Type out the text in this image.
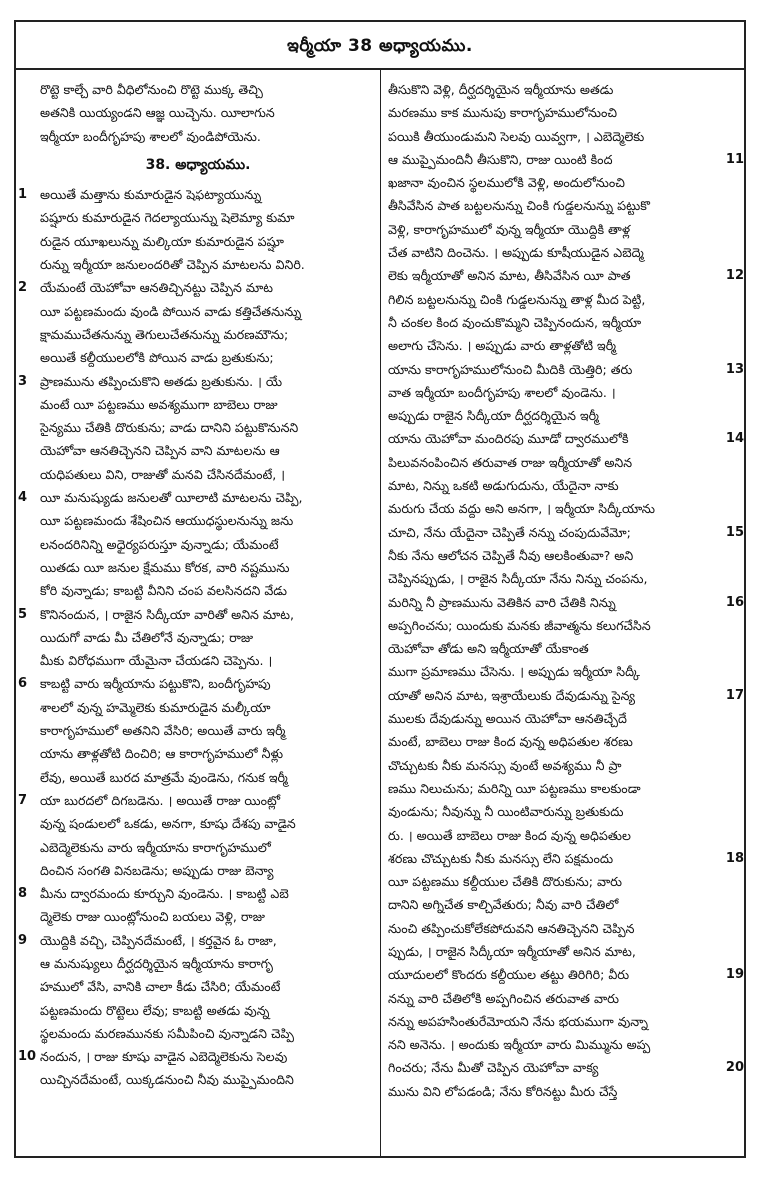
ఇర్మీయా 38 అధ్యాయము.
రొట్టె కాల్చే వారి వీధిలోనుంచి రొట్టె ముక్క తెచ్చి
అతనికి యియ్యండని ఆజ్ఞ యిచ్చెను. యీలాగున
ఇర్మీయా బందీగృహపు శాలలో వుండిపోయెను.
38. అధ్యాయము.
1 అయితే మత్తాను కుమారుడైన షెఫట్యాయున్ను
పష్షూరు కుమారుడైన గెదల్యాయున్ను షెలెమ్యా కుమా
రుడైన యూఖలున్ను మల్కియా కుమారుడైన పష్షూ
రున్ను ఇర్మీయా జనులందరితో చెప్పిన మాటలను వినిరి.
2 యేమంటే యెహోవా ఆనతిచ్చినట్టు చెప్పిన మాట
యీ పట్టణమందు వుండి పోయిన వాడు కత్తిచేతనున్ను
క్షామముచేతనున్ను తెగులుచేతనున్ను మరణమౌను;
అయితే కల్దీయులలోకి పోయిన వాడు బ్రతుకును;
3 ప్రాణమును తప్పించుకొని అతడు బ్రతుకును. । యే
మంటే యీ పట్టణము అవశ్యముగా బాబెలు రాజు
సైన్యము చేతికి దొరుకును; వాడు దానిని పట్టుకొనునని
యెహోవా ఆనతిచ్చెనని చెప్పిన వాని మాటలను ఆ
యధిపతులు విని, రాజుతో మనవి చేసినదేమంటే, ।
4 యీ మనుష్యుడు జనులతో యీలాటి మాటలను చెప్పి,
యీ పట్టణమందు శేషించిన ఆయుధస్థులనున్ను జను
లనందరినిన్ని అధైర్యపరుస్తూ వున్నాడు; యేమంటే
యితడు యీ జనుల క్షేమము కోరక, వారి నష్టమును
కోరి వున్నాడు; కాబట్టి వీనిని చంప వలసినదని వేడు
5 కొనినందున, । రాజైన సిద్కీయా వారితో అనిన మాట,
యిదుగో వాడు మీ చేతిలోనే వున్నాడు; రాజు
మీకు విరోధముగా యేమైనా చేయడని చెప్పెను. ।
6 కాబట్టి వారు ఇర్మీయాను పట్టుకొని, బందీగృహపు
శాలలో వున్న హమ్మెలెకు కుమారుడైన మల్కీయా
కారాగృహములో అతనిని వేసిరి; అయితే వారు ఇర్మీ
యాను తాళ్లతోటి దించిరి; ఆ కారాగృహములో నీళ్లు
లేవు, అయితే బురద మాత్రమే వుండెను, గనుక ఇర్మీ
7 యా బురదలో దిగబడెను. । అయితే రాజు యింట్లో
వున్న షండులలో ఒకడు, అనగా, కూషు దేశపు వాడైన
ఎబెద్మెలెకును వారు ఇర్మీయాను కారాగృహములో
దించిన సంగతి వినబడెను; అప్పుడు రాజు బెన్యా
8 మీను ద్వారమందు కూర్చుని వుండెను. । కాబట్టి ఎబె
ద్మెలెకు రాజు యింట్లోనుంచి బయలు వెళ్లి, రాజు
9 యొద్దికి వచ్చి, చెప్పినదేమంటే, । కర్తవైన ఓ రాజా,
ఆ మనుష్యులు దీర్ఘదర్శియైన ఇర్మీయాను కారాగృ
హములో వేసి, వానికి చాలా కీడు చేసిరి; యేమంటే
పట్టణమందు రొట్టెలు లేవు; కాబట్టి అతడు వున్న
స్థలమందు మరణమునకు సమీపించి వున్నాడని చెప్పి
10 నందున, । రాజు కూషు వాడైన ఎబెద్మెలెకును సెలవు
యిచ్చినదేమంటే, యిక్కడనుంచి నీవు ముప్పైమందిని
తీసుకొని వెళ్లి, దీర్ఘదర్శియైన ఇర్మీయాను అతడు
మరణము కాక మునుపు కారాగృహములోనుంచి
పయికి తీయుండుమని సెలవు యివ్వగా, । ఎబెద్మెలెకు
11
ఆ ముప్పైమందినీ తీసుకొని, రాజు యింటి కింద
ఖజానా వుంచిన స్థలములోకి వెళ్లి, అందులోనుంచి
తీసివేసిన పాత బట్టలనున్ను చింకి గుడ్డలనున్ను పట్టుకొ
వెళ్లి, కారాగృహములో వున్న ఇర్మీయా యొద్దికి తాళ్ల
చేత వాటిని దించెను. । అప్పుడు కూషీయుడైన ఎబెద్మె
12
లెకు ఇర్మీయాతో అనిన మాట, తీసివేసిన యీ పాత
గిలిన బట్టలనున్ను చింకి గుడ్డలనున్ను తాళ్ల మీద పెట్టి,
నీ చంకల కింద వుంచుకొమ్మని చెప్పినందున, ఇర్మీయా
అలాగు చేసెను. । అప్పుడు వారు తాళ్లతోటి ఇర్మీ
13
యాను కారాగృహములోనుంచి మీదికి యెత్తిరి; తరు
వాత ఇర్మీయా బందీగృహపు శాలలో వుండెను. ।
అప్పుడు రాజైన సిద్కీయా దీర్ఘదర్శియైన ఇర్మీ
14
యాను యెహోవా మందిరపు మూడో ద్వారములోకి
పిలువనంపించిన తరువాత రాజు ఇర్మీయాతో అనిన
మాట, నిన్ను ఒకటి అడుగుదును, యేదైనా నాకు
మరుగు చేయ వద్దు అని అనగా, । ఇర్మీయా సిద్కీయాను
15
చూచి, నేను యేదైనా చెప్పితే నన్ను చంపుదువేమో;
నీకు నేను ఆలోచన చెప్పితే నీవు ఆలకింతువా? అని
చెప్పినప్పుడు, । రాజైన సిద్కీయా నేను నిన్ను చంపను,
16
మరిన్ని నీ ప్రాణమును వెతికిన వారి చేతికి నిన్ను
అప్పగించను; యిందుకు మనకు జీవాత్మను కలుగచేసిన
యెహోవా తోడు అని ఇర్మీయాతో యేకాంత
ముగా ప్రమాణము చేసెను. । అప్పుడు ఇర్మీయా సిద్కీ
17
యాతో అనిన మాట, ఇశ్రాయేలుకు దేవుడున్ను సైన్య
ములకు దేవుడున్ను అయిన యెహోవా ఆనతిచ్చేదే
మంటే, బాబెలు రాజు కింద వున్న అధిపతుల శరణు
చొచ్చుటకు నీకు మనస్సు వుంటే అవశ్యము నీ ప్రా
ణము నిలుచును; మరిన్ని యీ పట్టణము కాలకుండా
వుండును; నీవున్ను నీ యింటివారున్ను బ్రతుకుదు
రు. । అయితే బాబెలు రాజు కింద వున్న అధిపతుల
18
శరణు చొచ్చుటకు నీకు మనస్సు లేని పక్షమందు
యీ పట్టణము కల్దీయుల చేతికి దొరుకును; వారు
దానిని అగ్నిచేత కాల్చివేతురు; నీవు వారి చేతిలో
నుంచి తప్పించుకోలేకపోదువని ఆనతిచ్చెనని చెప్పిన
ప్పుడు, । రాజైన సిద్కీయా ఇర్మీయాతో అనిన మాట,
19
యూదులలో కొందరు కల్దీయుల తట్టు తిరిగిరి; వీరు
నన్ను వారి చేతిలోకి అప్పగించిన తరువాత వారు
నన్ను అపహసింతురేమోయని నేను భయముగా వున్నా
నని అనెను. । అందుకు ఇర్మీయా వారు మిమ్మును అప్ప
20
గించరు; నేను మీతో చెప్పిన యెహోవా వాక్య
మును విని లోపడండి; నేను కోరినట్టు మీరు చేస్తే
